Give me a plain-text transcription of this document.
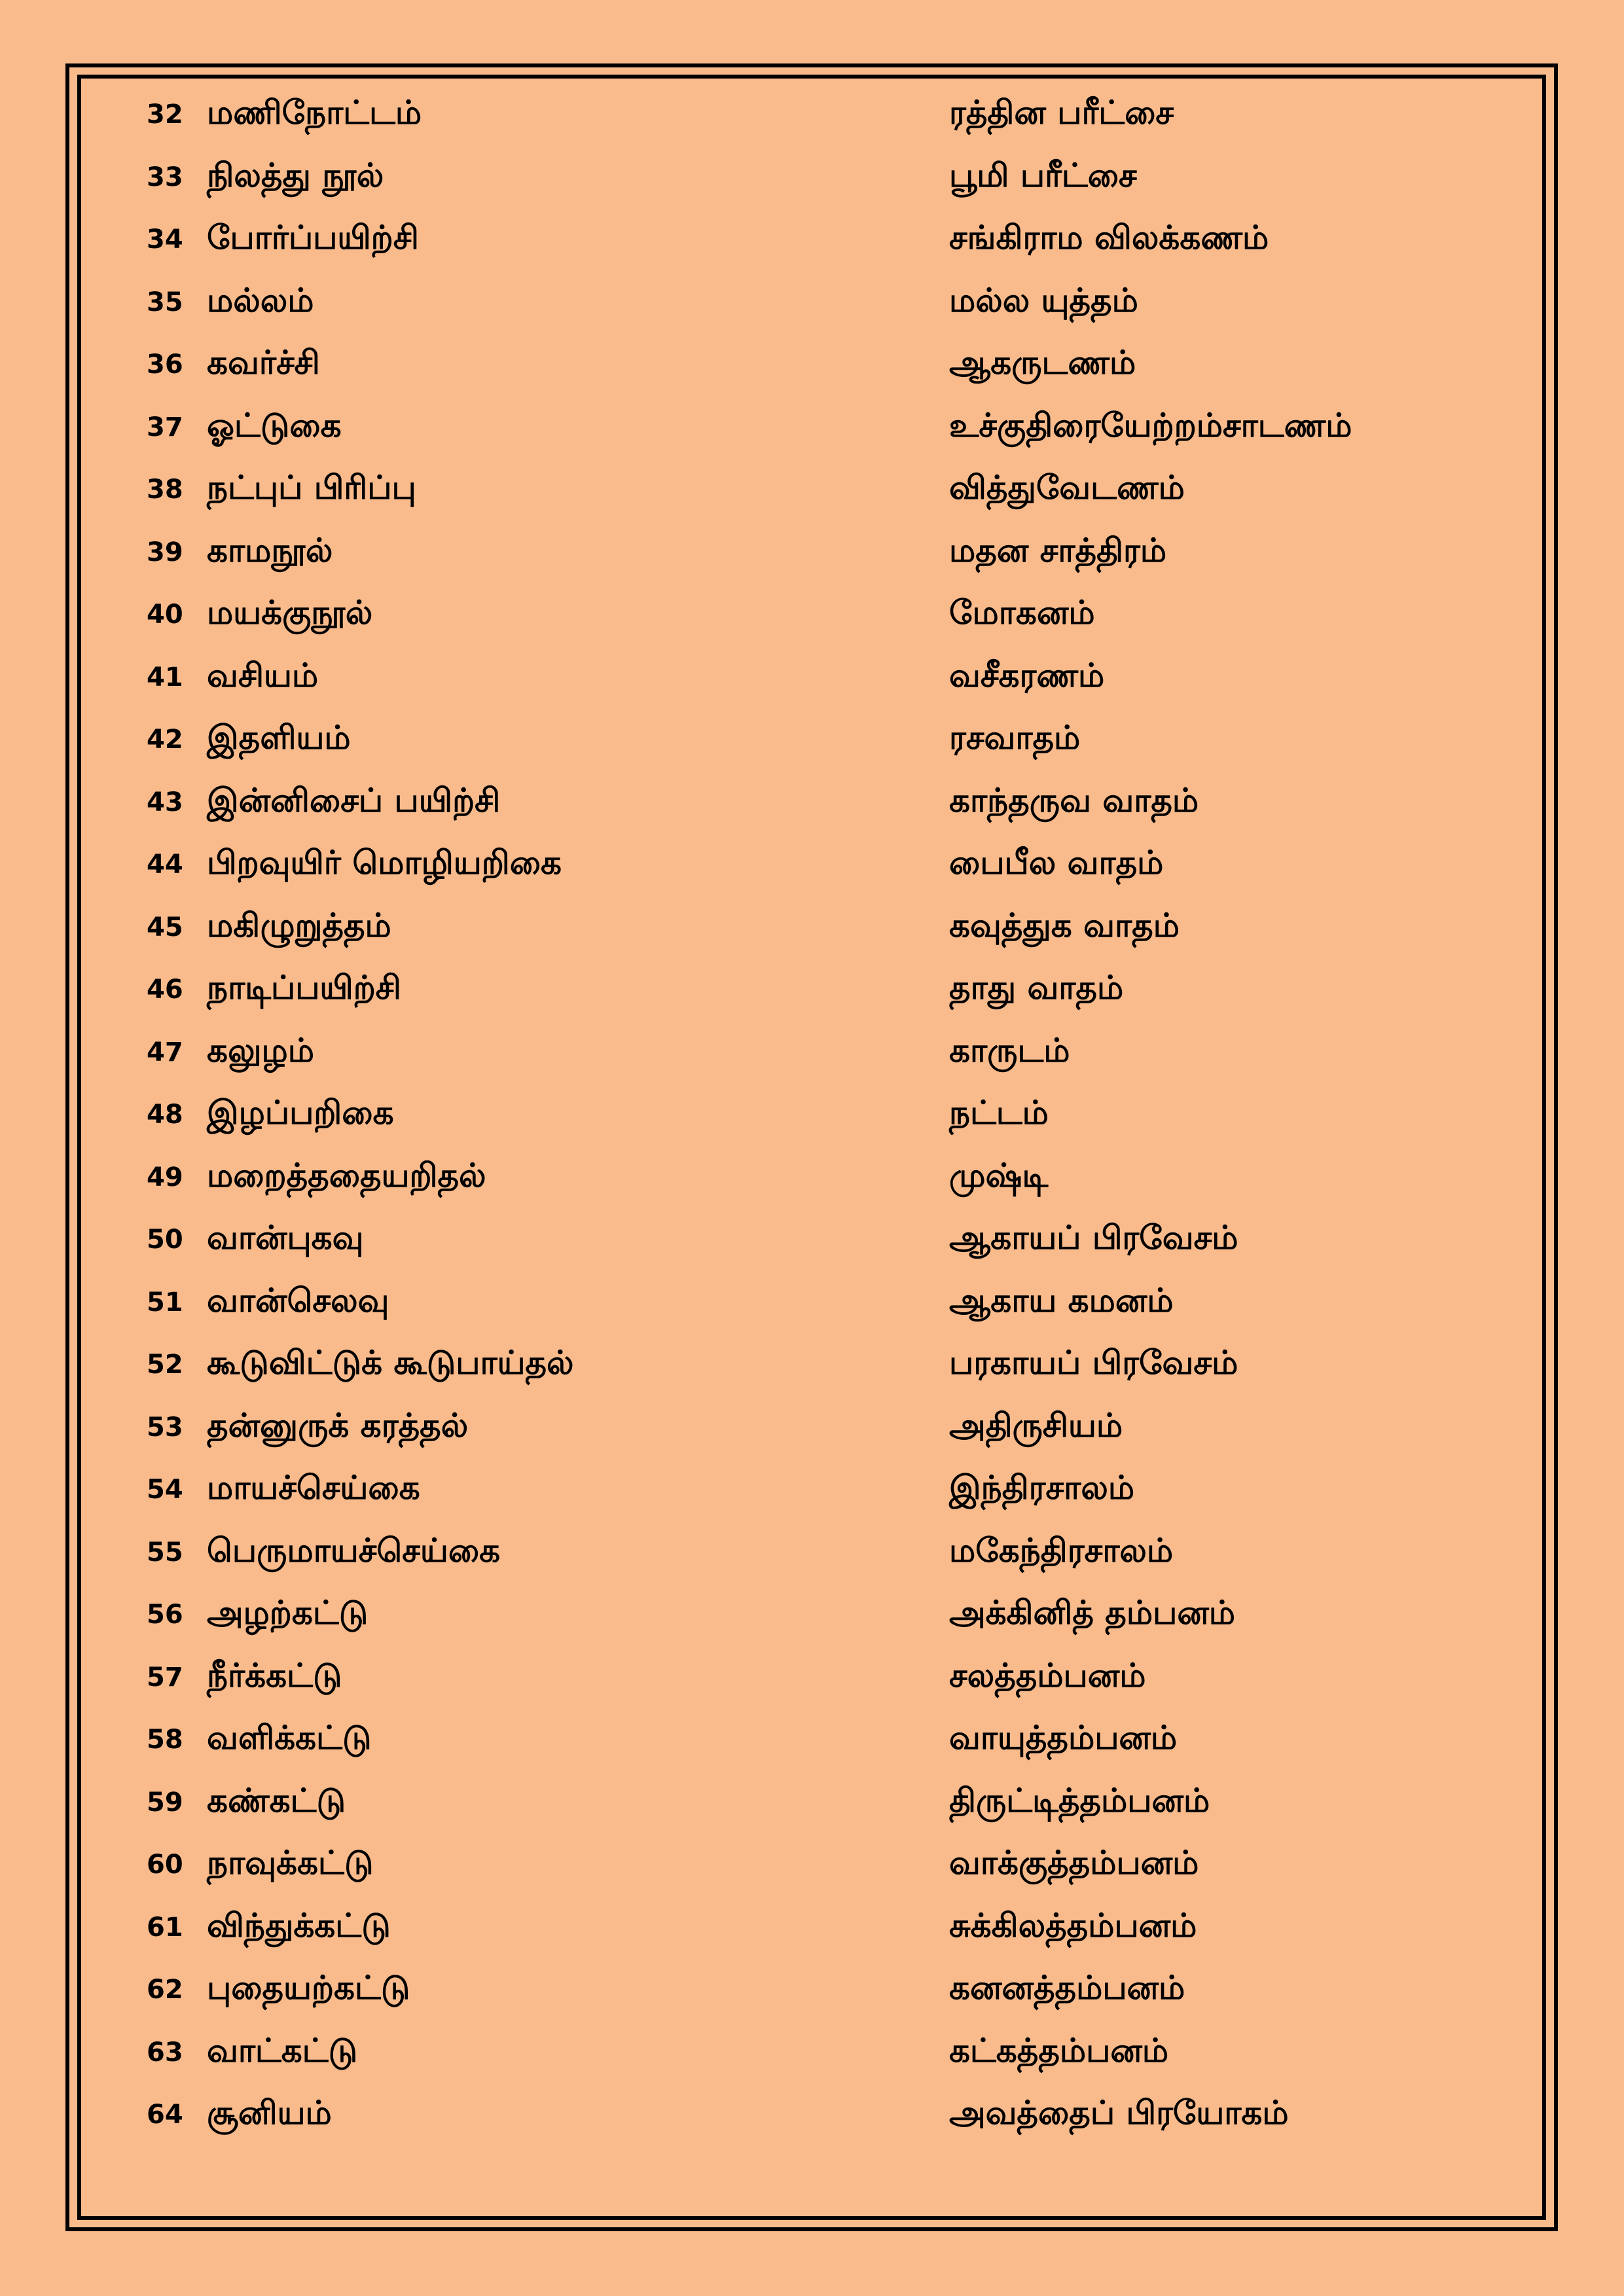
32 மணிநோட்டம்	ரத்தின பரீட்சை
33 நிலத்து நூல்	பூமி பரீட்சை
34 போர்ப்பயிற்சி	சங்கிராம விலக்கணம்
35 மல்லம்	மல்ல யுத்தம்
36 கவர்ச்சி	ஆகருடணம்
37 ஓட்டுகை	உச்குதிரையேற்றம்சாடணம்
38 நட்புப் பிரிப்பு	வித்துவேடணம்
39 காமநூல்	மதன சாத்திரம்
40 மயக்குநூல்	மோகனம்
41 வசியம்	வசீகரணம்
42 இதளியம்	ரசவாதம்
43 இன்னிசைப் பயிற்சி	காந்தருவ வாதம்
44 பிறவுயிர் மொழியறிகை	பைபீல வாதம்
45 மகிழுறுத்தம்	கவுத்துக வாதம்
46 நாடிப்பயிற்சி	தாது வாதம்
47 கலுழம்	காருடம்
48 இழப்பறிகை	நட்டம்
49 மறைத்ததையறிதல்	முஷ்டி
50 வான்புகவு	ஆகாயப் பிரவேசம்
51 வான்செலவு	ஆகாய கமனம்
52 கூடுவிட்டுக் கூடுபாய்தல்	பரகாயப் பிரவேசம்
53 தன்னுருக் கரத்தல்	அதிருசியம்
54 மாயச்செய்கை	இந்திரசாலம்
55 பெருமாயச்செய்கை	மகேந்திரசாலம்
56 அழற்கட்டு	அக்கினித் தம்பனம்
57 நீர்க்கட்டு	சலத்தம்பனம்
58 வளிக்கட்டு	வாயுத்தம்பனம்
59 கண்கட்டு	திருட்டித்தம்பனம்
60 நாவுக்கட்டு	வாக்குத்தம்பனம்
61 விந்துக்கட்டு	சுக்கிலத்தம்பனம்
62 புதையற்கட்டு	கனனத்தம்பனம்
63 வாட்கட்டு	கட்கத்தம்பனம்
64 சூனியம்	அவத்தைப் பிரயோகம்
